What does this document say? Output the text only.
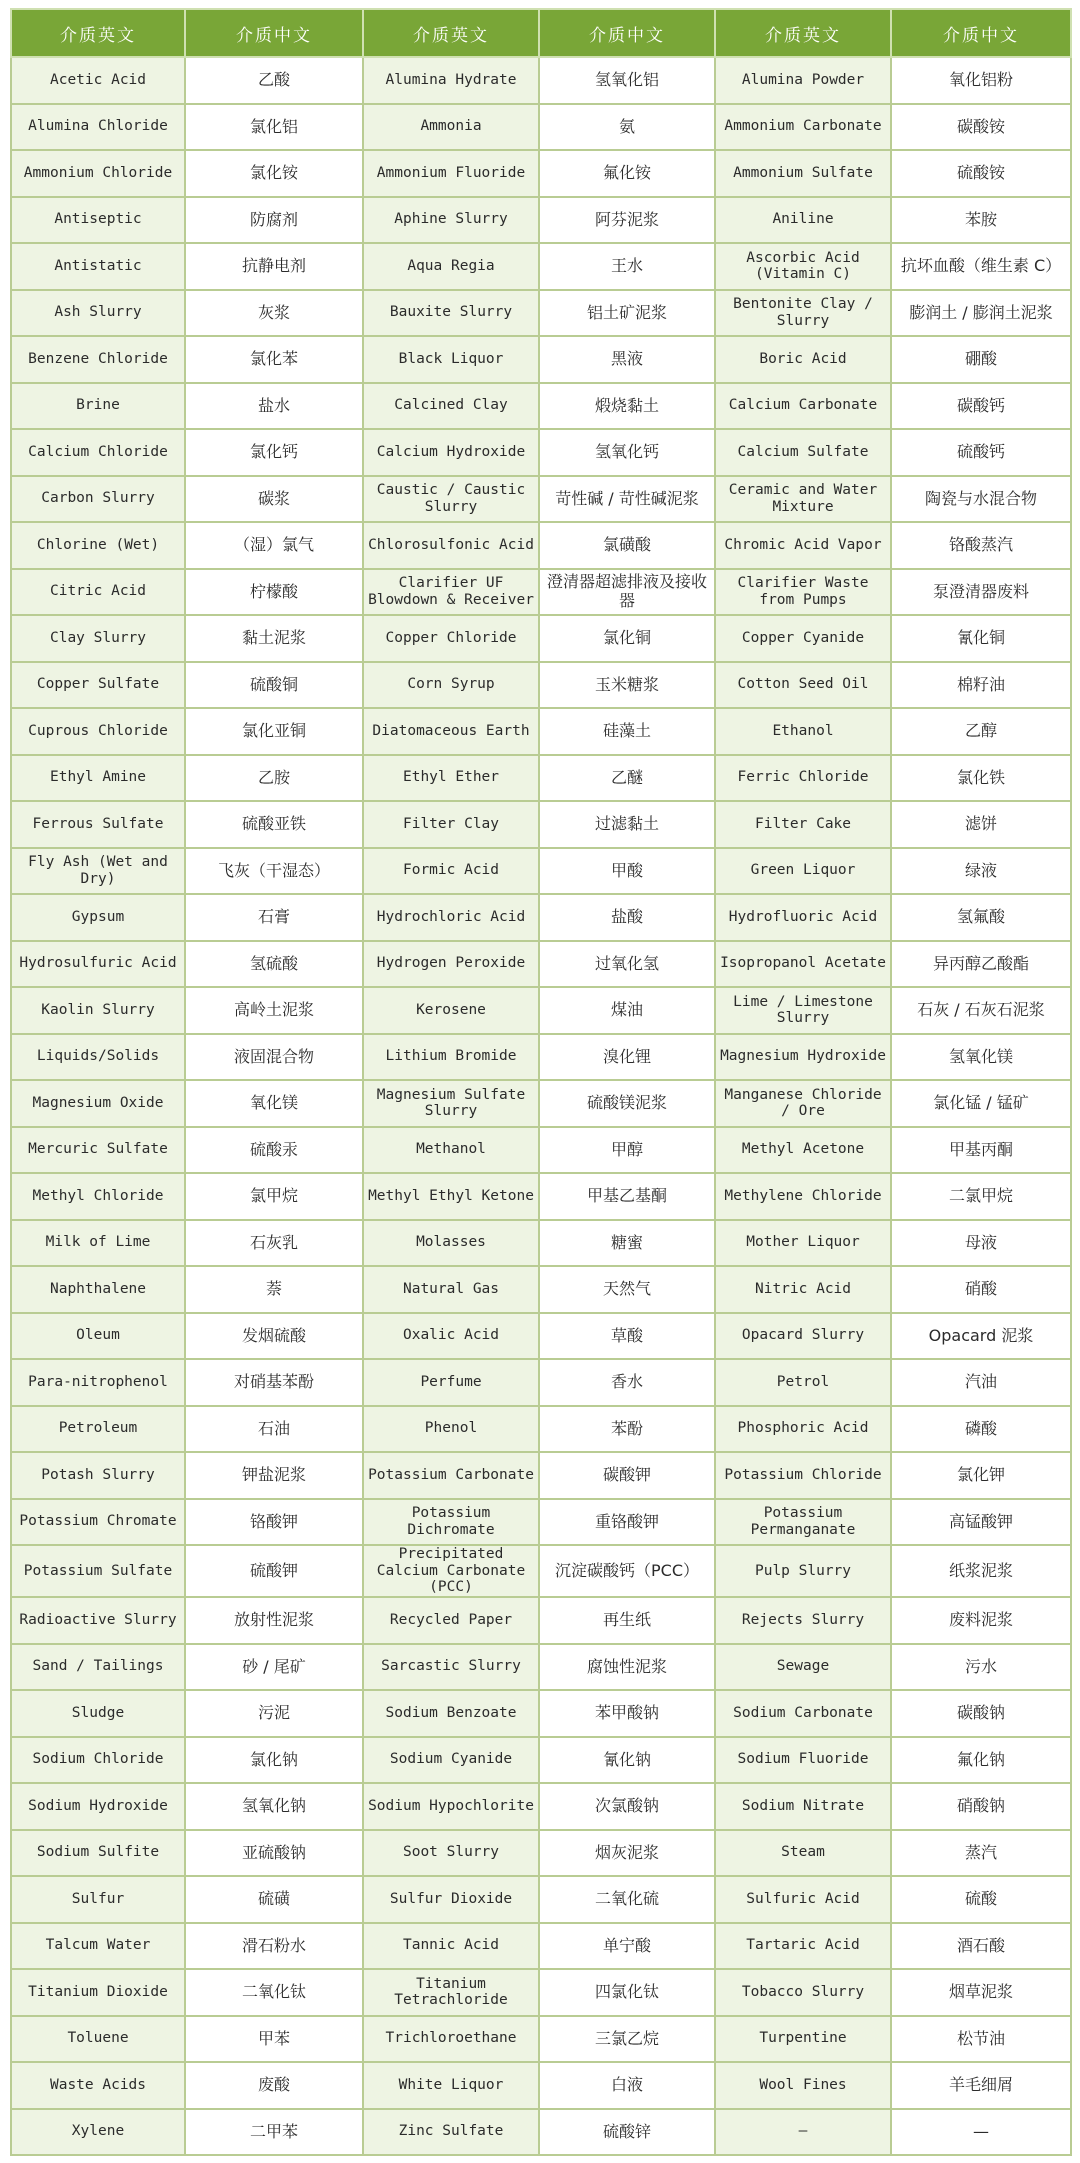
介质英文	介质中文	介质英文	介质中文	介质英文	介质中文
Acetic Acid	乙酸	Alumina Hydrate	氢氧化铝	Alumina Powder	氧化铝粉
Alumina Chloride	氯化铝	Ammonia	氨	Ammonium Carbonate	碳酸铵
Ammonium Chloride	氯化铵	Ammonium Fluoride	氟化铵	Ammonium Sulfate	硫酸铵
Antiseptic	防腐剂	Aphine Slurry	阿芬泥浆	Aniline	苯胺
Antistatic	抗静电剂	Aqua Regia	王水	Ascorbic Acid (Vitamin C)	抗坏血酸（维生素 C）
Ash Slurry	灰浆	Bauxite Slurry	铝土矿泥浆	Bentonite Clay / Slurry	膨润土 / 膨润土泥浆
Benzene Chloride	氯化苯	Black Liquor	黑液	Boric Acid	硼酸
Brine	盐水	Calcined Clay	煅烧黏土	Calcium Carbonate	碳酸钙
Calcium Chloride	氯化钙	Calcium Hydroxide	氢氧化钙	Calcium Sulfate	硫酸钙
Carbon Slurry	碳浆	Caustic / Caustic Slurry	苛性碱 / 苛性碱泥浆	Ceramic and Water Mixture	陶瓷与水混合物
Chlorine (Wet)	（湿）氯气	Chlorosulfonic Acid	氯磺酸	Chromic Acid Vapor	铬酸蒸汽
Citric Acid	柠檬酸	Clarifier UF Blowdown & Receiver	澄清器超滤排液及接收器	Clarifier Waste from Pumps	泵澄清器废料
Clay Slurry	黏土泥浆	Copper Chloride	氯化铜	Copper Cyanide	氰化铜
Copper Sulfate	硫酸铜	Corn Syrup	玉米糖浆	Cotton Seed Oil	棉籽油
Cuprous Chloride	氯化亚铜	Diatomaceous Earth	硅藻土	Ethanol	乙醇
Ethyl Amine	乙胺	Ethyl Ether	乙醚	Ferric Chloride	氯化铁
Ferrous Sulfate	硫酸亚铁	Filter Clay	过滤黏土	Filter Cake	滤饼
Fly Ash (Wet and Dry)	飞灰（干湿态）	Formic Acid	甲酸	Green Liquor	绿液
Gypsum	石膏	Hydrochloric Acid	盐酸	Hydrofluoric Acid	氢氟酸
Hydrosulfuric Acid	氢硫酸	Hydrogen Peroxide	过氧化氢	Isopropanol Acetate	异丙醇乙酸酯
Kaolin Slurry	高岭土泥浆	Kerosene	煤油	Lime / Limestone Slurry	石灰 / 石灰石泥浆
Liquids/Solids	液固混合物	Lithium Bromide	溴化锂	Magnesium Hydroxide	氢氧化镁
Magnesium Oxide	氧化镁	Magnesium Sulfate Slurry	硫酸镁泥浆	Manganese Chloride / Ore	氯化锰 / 锰矿
Mercuric Sulfate	硫酸汞	Methanol	甲醇	Methyl Acetone	甲基丙酮
Methyl Chloride	氯甲烷	Methyl Ethyl Ketone	甲基乙基酮	Methylene Chloride	二氯甲烷
Milk of Lime	石灰乳	Molasses	糖蜜	Mother Liquor	母液
Naphthalene	萘	Natural Gas	天然气	Nitric Acid	硝酸
Oleum	发烟硫酸	Oxalic Acid	草酸	Opacard Slurry	Opacard 泥浆
Para-nitrophenol	对硝基苯酚	Perfume	香水	Petrol	汽油
Petroleum	石油	Phenol	苯酚	Phosphoric Acid	磷酸
Potash Slurry	钾盐泥浆	Potassium Carbonate	碳酸钾	Potassium Chloride	氯化钾
Potassium Chromate	铬酸钾	Potassium Dichromate	重铬酸钾	Potassium Permanganate	高锰酸钾
Potassium Sulfate	硫酸钾	Precipitated Calcium Carbonate (PCC)	沉淀碳酸钙（PCC）	Pulp Slurry	纸浆泥浆
Radioactive Slurry	放射性泥浆	Recycled Paper	再生纸	Rejects Slurry	废料泥浆
Sand / Tailings	砂 / 尾矿	Sarcastic Slurry	腐蚀性泥浆	Sewage	污水
Sludge	污泥	Sodium Benzoate	苯甲酸钠	Sodium Carbonate	碳酸钠
Sodium Chloride	氯化钠	Sodium Cyanide	氰化钠	Sodium Fluoride	氟化钠
Sodium Hydroxide	氢氧化钠	Sodium Hypochlorite	次氯酸钠	Sodium Nitrate	硝酸钠
Sodium Sulfite	亚硫酸钠	Soot Slurry	烟灰泥浆	Steam	蒸汽
Sulfur	硫磺	Sulfur Dioxide	二氧化硫	Sulfuric Acid	硫酸
Talcum Water	滑石粉水	Tannic Acid	单宁酸	Tartaric Acid	酒石酸
Titanium Dioxide	二氧化钛	Titanium Tetrachloride	四氯化钛	Tobacco Slurry	烟草泥浆
Toluene	甲苯	Trichloroethane	三氯乙烷	Turpentine	松节油
Waste Acids	废酸	White Liquor	白液	Wool Fines	羊毛细屑
Xylene	二甲苯	Zinc Sulfate	硫酸锌	—	—
